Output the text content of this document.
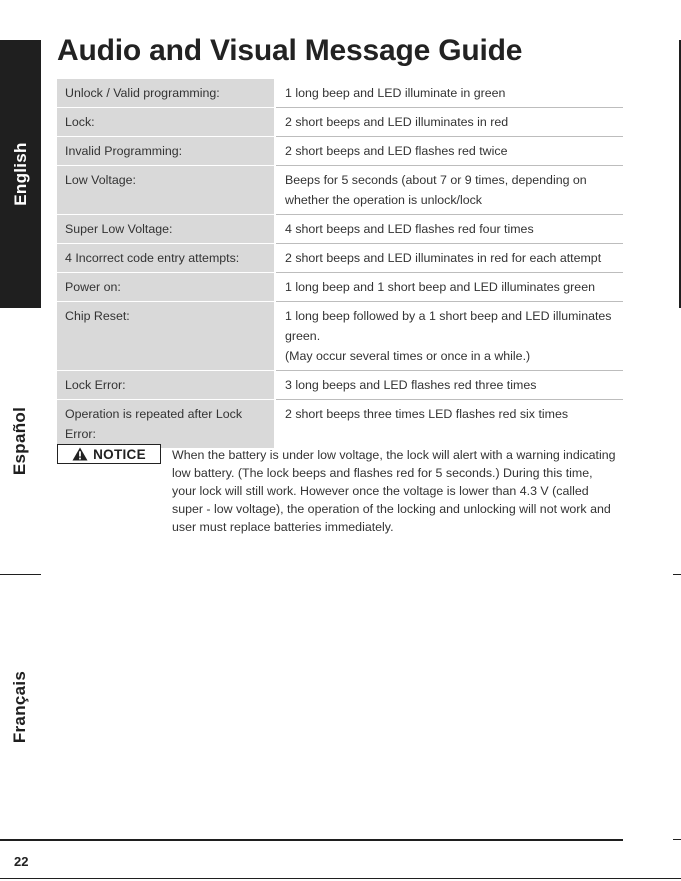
English
Español
Français
Audio and Visual Message Guide
Unlock / Valid programming:		1 long beep and LED illuminate in green
Lock:		2 short beeps and LED illuminates in red
Invalid Programming:		2 short beeps and LED flashes red twice
Low Voltage:		Beeps for 5 seconds (about 7 or 9 times, depending on whether the operation is unlock/lock
Super Low Voltage:		4 short beeps and LED flashes red four times
4 Incorrect code entry attempts:		2 short beeps and LED illuminates in red for each attempt
Power on:		1 long beep and 1 short beep and LED illuminates green
Chip Reset:		1 long beep followed by a 1 short beep and LED illuminates green.
(May occur several times or once in a while.)

Lock Error:		3 long beeps and LED flashes red three times
Operation is repeated after Lock Error:		2 short beeps three times LED flashes red six times
NOTICE When the battery is under low voltage, the lock will alert with a warning indicating low battery. (The lock beeps and flashes red for 5 seconds.) During this time, your lock will still work. However once the voltage is lower than 4.3 V (called super - low voltage), the operation of the locking and unlocking will not work and user must replace batteries immediately.

22
